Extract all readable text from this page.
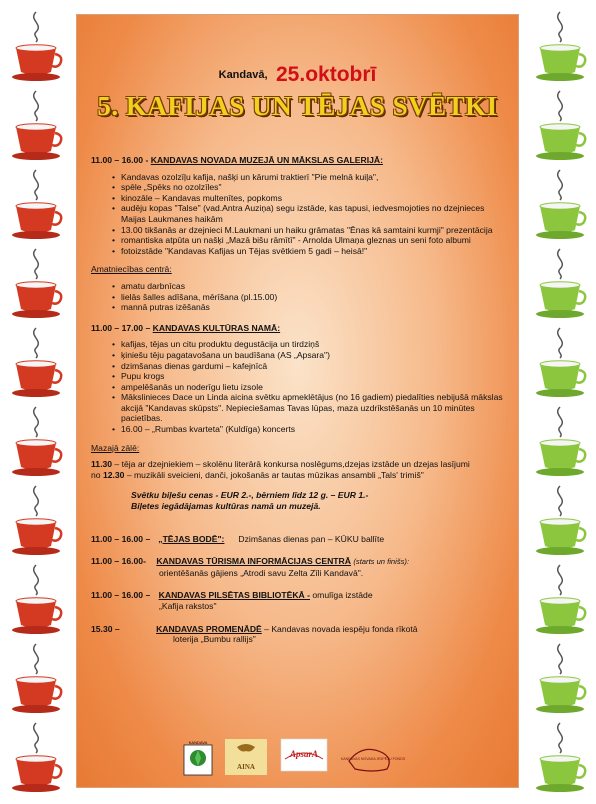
Kandavā, 25.oktobrī
5. KAFIJAS UN TĒJAS SVĒTKI

11.00 – 16.00 - KANDAVAS NOVADA MUZEJĀ UN MĀKSLAS GALERIJĀ:

• Kandavas ozolzīļu kafija, našķi un kārumi traktierī "Pie melnā kuiļa",
• spēle „Spēks no ozolzīles"
• kinozāle – Kandavas multenītes, popkoms
• audēju kopas "Talse" (vad.Antra Auziņa) segu izstāde, kas tapusi, iedvesmojoties no dzejnieces Maijas Laukmanes haikām
• 13.00 tikšanās ar dzejnieci M.Laukmani un haiku grāmatas "Ēnas kā samtaini kurmji" prezentācija
• romantiska atpūta un našķi „Mazā bišu rāmītī" - Arnolda Ulmaņa gleznas un seni foto albumi
• fotoizstāde "Kandavas Kafijas un Tējas svētkiem 5 gadi – heisā!"

Amatniecības centrā:

• amatu darbnīcas
• lielās šalles adīšana, mērīšana (pl.15.00)
• mannā putras izēšanās

11.00 – 17.00 – KANDAVAS KULTŪRAS NAMĀ:

• kafijas, tējas un citu produktu degustācija un tirdziņš
• ķiniešu tēju pagatavošana un baudīšana (AS „Apsara")
• dzimšanas dienas gardumi – kafejnīcā
• Pupu krogs
• ampelēšanās un noderīgu lietu izsole
• Mākslinieces Dace un Linda aicina svētku apmeklētājus (no 16 gadiem) piedalīties nebijušā mākslas akcijā "Kandavas skūpsts". Nepieciešamas Tavas lūpas, maza uzdrīkstēšanās un 10 minūtes pacietības.
• 16.00 – „Rumbas kvarteta" (Kuldīga) koncerts

Mazajā zālē:

11.30 – tēja ar dzejniekiem – skolēnu literārā konkursa noslēgums,dzejas izstāde un dzejas lasījumi

no 12.30 – muzikāli sveicieni, danči, jokošanās ar tautas mūzikas ansambli „Tals' trimiš"

Svētku biļešu cenas - EUR 2.-, bērniem līdz 12 g. – EUR 1.-
Biļetes iegādājamas kultūras namā un muzejā.

11.00 – 16.00 – „TĒJAS BODĒ": Dzimšanas dienas pan – KŪKU ballīte
11.00 – 16.00- KANDAVAS TŪRISMA INFORMĀCIJAS CENTRĀ (starts un finišs):
orientēšanās gājiens „Atrodi savu Zelta Zīli Kandavā".
11.00 – 16.00 – KANDAVAS PILSĒTAS BIBLIOTĒKĀ - omulīga izstāde
„Kafija rakstos"
15.30 –	KANDAVAS PROMENĀDĒ – Kandavas novada iespēju fonda rīkotā
loterija „Bumbu rallijs"
KANDAVA
AINA
ApsarA	KANDAVAS NOVADA IESPĒJU FONDS
